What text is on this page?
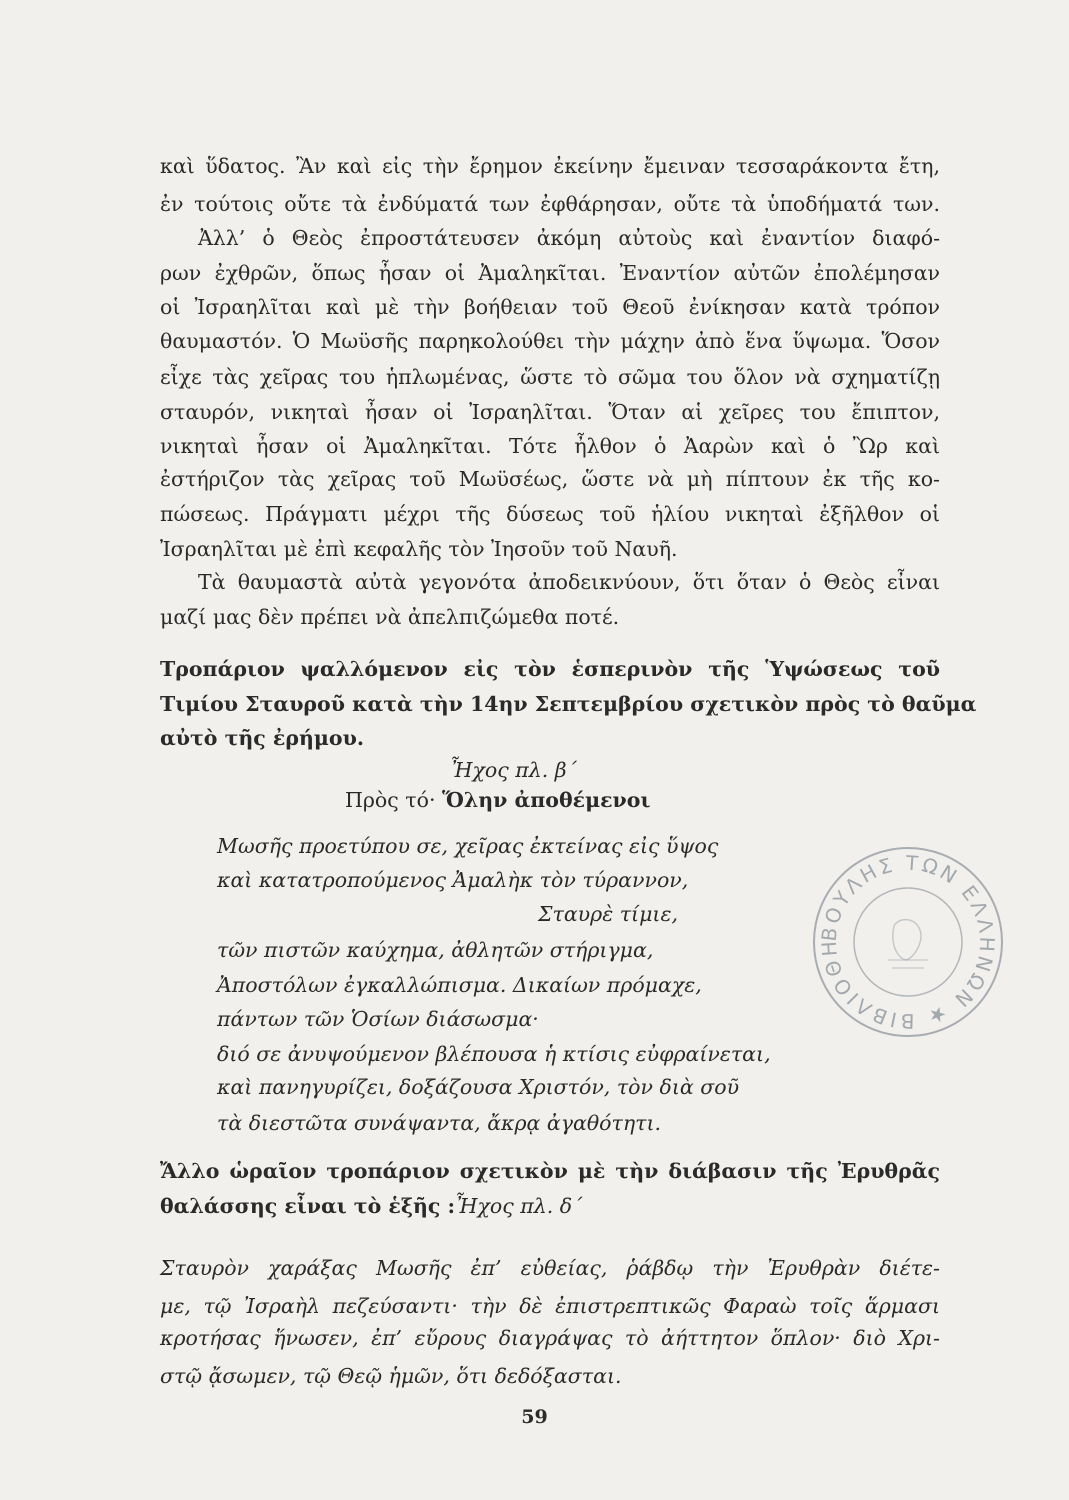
καὶ ὕδατος. Ἂν καὶ εἰς τὴν ἔρημον ἐκείνην ἔμειναν τεσσαράκοντα ἔτη,
ἐν τούτοις οὔτε τὰ ἐνδύματά των ἐφθάρησαν, οὔτε τὰ ὑποδήματά των.
Ἀλλ’ ὁ Θεὸς ἐπροστάτευσεν ἀκόμη αὐτοὺς καὶ ἐναντίον διαφό-
ρων ἐχθρῶν, ὅπως ἦσαν οἱ Ἀμαληκῖται. Ἐναντίον αὐτῶν ἐπολέμησαν
οἱ Ἰσραηλῖται καὶ μὲ τὴν βοήθειαν τοῦ Θεοῦ ἐνίκησαν κατὰ τρόπον
θαυμαστόν. Ὁ Μωϋσῆς παρηκολούθει τὴν μάχην ἀπὸ ἕνα ὕψωμα. Ὅσον
εἶχε τὰς χεῖρας του ἡπλωμένας, ὥστε τὸ σῶμα του ὅλον νὰ σχηματίζῃ
σταυρόν, νικηταὶ ἦσαν οἱ Ἰσραηλῖται. Ὅταν αἱ χεῖρες του ἔπιπτον,
νικηταὶ ἦσαν οἱ Ἀμαληκῖται. Τότε ἦλθον ὁ Ἀαρὼν καὶ ὁ Ὢρ καὶ
ἐστήριζον τὰς χεῖρας τοῦ Μωϋσέως, ὥστε νὰ μὴ πίπτουν ἐκ τῆς κο-
πώσεως. Πράγματι μέχρι τῆς δύσεως τοῦ ἡλίου νικηταὶ ἐξῆλθον οἱ
Ἰσραηλῖται μὲ ἐπὶ κεφαλῆς τὸν Ἰησοῦν τοῦ Ναυῆ.
Τὰ θαυμαστὰ αὐτὰ γεγονότα ἀποδεικνύουν, ὅτι ὅταν ὁ Θεὸς εἶναι
μαζί μας δὲν πρέπει νὰ ἀπελπιζώμεθα ποτέ.
Τροπάριον ψαλλόμενον εἰς τὸν ἑσπερινὸν τῆς Ὑψώσεως τοῦ
Τιμίου Σταυροῦ κατὰ τὴν 14ην Σεπτεμβρίου σχετικὸν πρὸς τὸ θαῦμα
αὐτὸ τῆς ἐρήμου.
Ἦχος πλ. β΄
Πρὸς τό· Ὅλην ἀποθέμενοι
Μωσῆς προετύπου σε, χεῖρας ἐκτείνας εἰς ὕψος
καὶ κατατροπούμενος Ἀμαλὴκ τὸν τύραννον,
Σταυρὲ τίμιε,
τῶν πιστῶν καύχημα, ἀθλητῶν στήριγμα,
Ἀποστόλων ἐγκαλλώπισμα. Δικαίων πρόμαχε,
πάντων τῶν Ὁσίων διάσωσμα·
διό σε ἀνυψούμενον βλέπουσα ἡ κτίσις εὐφραίνεται,
καὶ πανηγυρίζει, δοξάζουσα Χριστόν, τὸν διὰ σοῦ
τὰ διεστῶτα συνάψαντα, ἄκρᾳ ἀγαθότητι.
Ἄλλο ὡραῖον τροπάριον σχετικὸν μὲ τὴν διάβασιν τῆς Ἐρυθρᾶς
θαλάσσης εἶναι τὸ ἑξῆς : Ἦχος πλ. δ΄
Σταυρὸν χαράξας Μωσῆς ἐπ’ εὐθείας, ῥάβδῳ τὴν Ἐρυθρὰν διέτε-
με, τῷ Ἰσραὴλ πεζεύσαντι· τὴν δὲ ἐπιστρεπτικῶς Φαραὼ τοῖς ἅρμασι
κροτήσας ἥνωσεν, ἐπ’ εὔρους διαγράψας τὸ ἀήττητον ὅπλον· διὸ Χρι-
στῷ ᾄσωμεν, τῷ Θεῷ ἡμῶν, ὅτι δεδόξασται.
ΒΟΥΛΗΣ ΤΩΝ ΕΛΛΗΝΩΝ ★ ΒΙΒΛΙΟΘΗ
59
